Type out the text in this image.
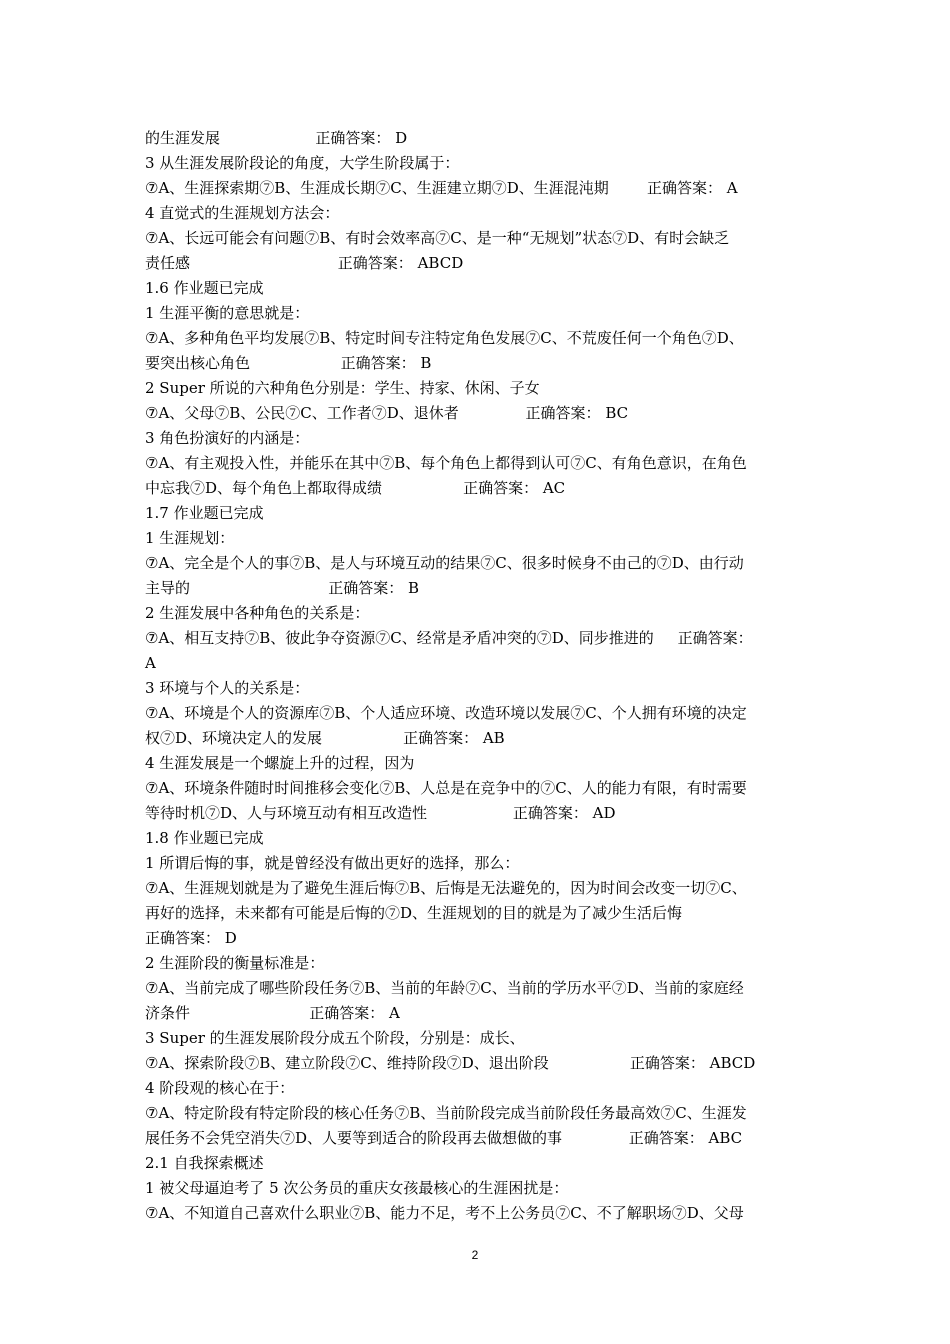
的生涯发展                    正确答案： D
3 从生涯发展阶段论的角度，大学生阶段属于：
⑦A、生涯探索期⑦B、生涯成长期⑦C、生涯建立期⑦D、生涯混沌期        正确答案： A
4 直觉式的生涯规划方法会：
⑦A、长远可能会有问题⑦B、有时会效率高⑦C、是一种“无规划”状态⑦D、有时会缺乏
责任感                               正确答案： ABCD
1.6 作业题已完成
1 生涯平衡的意思就是：
⑦A、多种角色平均发展⑦B、特定时间专注特定角色发展⑦C、不荒废任何一个角色⑦D、
要突出核心角色                   正确答案： B
2 Super 所说的六种角色分别是：学生、持家、休闲、子女
⑦A、父母⑦B、公民⑦C、工作者⑦D、退休者              正确答案： BC
3 角色扮演好的内涵是：
⑦A、有主观投入性，并能乐在其中⑦B、每个角色上都得到认可⑦C、有角色意识，在角色
中忘我⑦D、每个角色上都取得成绩                 正确答案： AC
1.7 作业题已完成
1 生涯规划：
⑦A、完全是个人的事⑦B、是人与环境互动的结果⑦C、很多时候身不由己的⑦D、由行动
主导的                             正确答案： B
2 生涯发展中各种角色的关系是：
⑦A、相互支持⑦B、彼此争夺资源⑦C、经常是矛盾冲突的⑦D、同步推进的     正确答案：
A
3 环境与个人的关系是：
⑦A、环境是个人的资源库⑦B、个人适应环境、改造环境以发展⑦C、个人拥有环境的决定
权⑦D、环境决定人的发展                 正确答案： AB
4 生涯发展是一个螺旋上升的过程，因为
⑦A、环境条件随时时间推移会变化⑦B、人总是在竞争中的⑦C、人的能力有限，有时需要
等待时机⑦D、人与环境互动有相互改造性                  正确答案： AD
1.8 作业题已完成
1 所谓后悔的事，就是曾经没有做出更好的选择，那么：
⑦A、生涯规划就是为了避免生涯后悔⑦B、后悔是无法避免的，因为时间会改变一切⑦C、
再好的选择，未来都有可能是后悔的⑦D、生涯规划的目的就是为了减少生活后悔
正确答案： D
2 生涯阶段的衡量标准是：
⑦A、当前完成了哪些阶段任务⑦B、当前的年龄⑦C、当前的学历水平⑦D、当前的家庭经
济条件                         正确答案： A
3 Super 的生涯发展阶段分成五个阶段，分别是：成长、
⑦A、探索阶段⑦B、建立阶段⑦C、维持阶段⑦D、退出阶段                 正确答案： ABCD
4 阶段观的核心在于：
⑦A、特定阶段有特定阶段的核心任务⑦B、当前阶段完成当前阶段任务最高效⑦C、生涯发
展任务不会凭空消失⑦D、人要等到适合的阶段再去做想做的事              正确答案： ABC
2.1 自我探索概述
1 被父母逼迫考了 5 次公务员的重庆女孩最核心的生涯困扰是：
⑦A、不知道自己喜欢什么职业⑦B、能力不足，考不上公务员⑦C、不了解职场⑦D、父母
2
